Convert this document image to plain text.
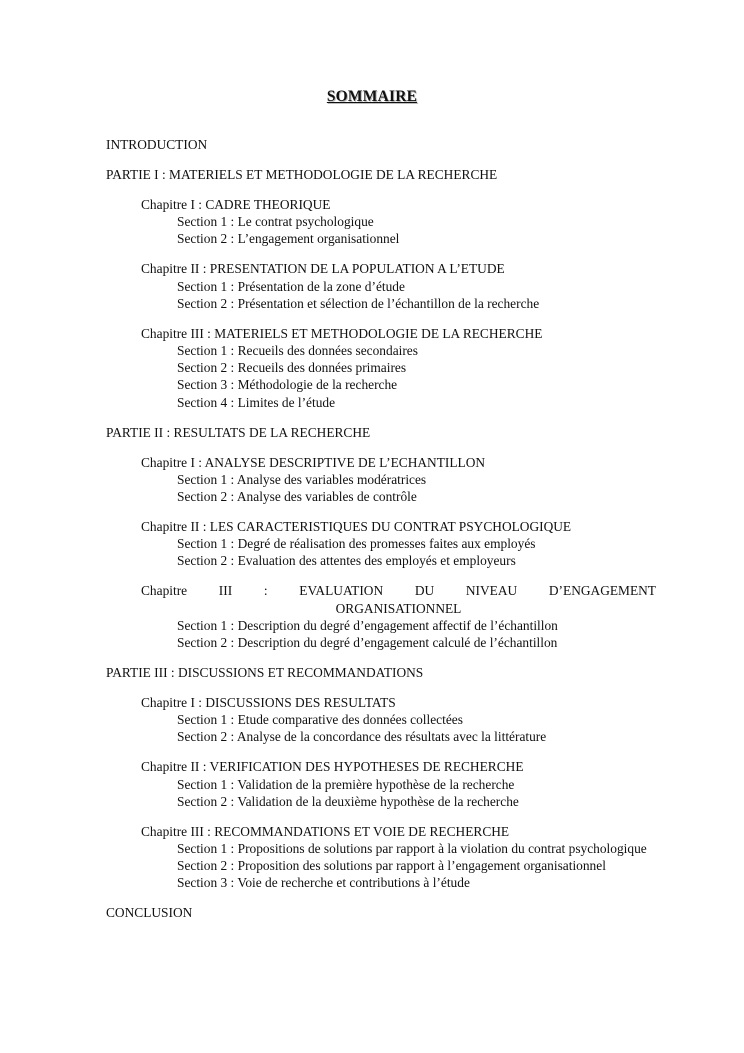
SOMMAIRE
INTRODUCTION
PARTIE I : MATERIELS ET METHODOLOGIE DE LA RECHERCHE
Chapitre I : CADRE THEORIQUE
Section 1 : Le contrat psychologique
Section 2 : L’engagement organisationnel
Chapitre II : PRESENTATION DE LA POPULATION A L’ETUDE
Section 1 : Présentation de la zone d’étude
Section 2 : Présentation et sélection de l’échantillon de la recherche
Chapitre III : MATERIELS ET METHODOLOGIE DE LA RECHERCHE
Section 1 : Recueils des données secondaires
Section 2 : Recueils des données primaires
Section 3 : Méthodologie de la recherche
Section 4 : Limites de l’étude
PARTIE II : RESULTATS DE LA RECHERCHE
Chapitre I : ANALYSE DESCRIPTIVE DE L’ECHANTILLON
Section 1 : Analyse des variables modératrices
Section 2 : Analyse des variables de contrôle
Chapitre II : LES CARACTERISTIQUES DU CONTRAT PSYCHOLOGIQUE
Section 1 : Degré de réalisation des promesses faites aux employés
Section 2 : Evaluation des attentes des employés et employeurs
Chapitre III : EVALUATION DU NIVEAU D’ENGAGEMENT
ORGANISATIONNEL
Section 1 : Description du degré d’engagement affectif de l’échantillon
Section 2 : Description du degré d’engagement calculé de l’échantillon
PARTIE III : DISCUSSIONS ET RECOMMANDATIONS
Chapitre I : DISCUSSIONS DES RESULTATS
Section 1 : Etude comparative des données collectées
Section 2 : Analyse de la concordance des résultats avec la littérature
Chapitre II : VERIFICATION DES HYPOTHESES DE RECHERCHE
Section 1 : Validation de la première hypothèse de la recherche
Section 2 : Validation de la deuxième hypothèse de la recherche
Chapitre III : RECOMMANDATIONS ET VOIE DE RECHERCHE
Section 1 : Propositions de solutions par rapport à la violation du contrat psychologique
Section 2 : Proposition des solutions par rapport à l’engagement organisationnel
Section 3 : Voie de recherche et contributions à l’étude
CONCLUSION
